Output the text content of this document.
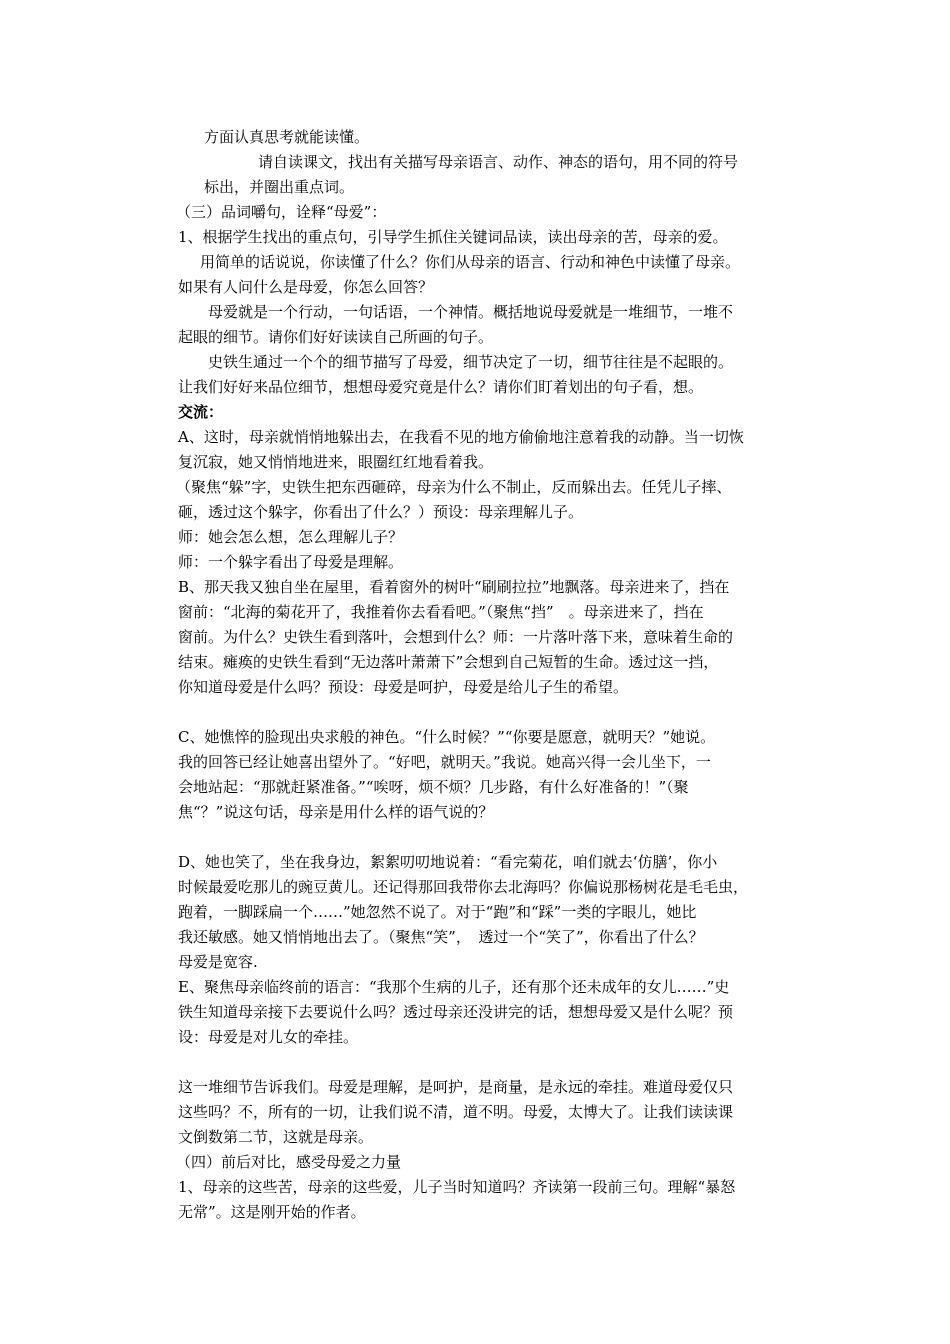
方面认真思考就能读懂。
请自读课文，找出有关描写母亲语言、动作、神态的语句，用不同的符号
标出，并圈出重点词。
（三）品词嚼句，诠释“母爱”：
1、根据学生找出的重点句，引导学生抓住关键词品读，读出母亲的苦，母亲的爱。
用简单的话说说，你读懂了什么？你们从母亲的语言、行动和神色中读懂了母亲。
如果有人问什么是母爱，你怎么回答？
母爱就是一个行动，一句话语，一个神情。概括地说母爱就是一堆细节，一堆不
起眼的细节。请你们好好读读自己所画的句子。
史铁生通过一个个的细节描写了母爱，细节决定了一切，细节往往是不起眼的。
让我们好好来品位细节，想想母爱究竟是什么？请你们盯着划出的句子看，想。
交流：
A、这时，母亲就悄悄地躲出去，在我看不见的地方偷偷地注意着我的动静。当一切恢
复沉寂，她又悄悄地进来，眼圈红红地看着我。
（聚焦“躲”字，史铁生把东西砸碎，母亲为什么不制止，反而躲出去。任凭儿子摔、
砸，透过这个躲字，你看出了什么？）预设：母亲理解儿子。
师：她会怎么想，怎么理解儿子？
师：一个躲字看出了母爱是理解。
B、那天我又独自坐在屋里，看着窗外的树叶“刷刷拉拉”地飘落。母亲进来了，挡在
窗前：“北海的菊花开了，我推着你去看看吧。”（聚焦“挡”　。母亲进来了，挡在
窗前。为什么？史铁生看到落叶，会想到什么？师：一片落叶落下来，意味着生命的
结束。瘫痪的史铁生看到“无边落叶萧萧下”会想到自己短暂的生命。透过这一挡，
你知道母爱是什么吗？预设：母爱是呵护，母爱是给儿子生的希望。
C、她憔悴的脸现出央求般的神色。“什么时候？”“你要是愿意，就明天？”她说。
我的回答已经让她喜出望外了。“好吧，就明天。”我说。她高兴得一会儿坐下，一
会地站起：“那就赶紧准备。”“唉呀，烦不烦？几步路，有什么好准备的！”（聚
焦“？”说这句话，母亲是用什么样的语气说的？
D、她也笑了，坐在我身边，絮絮叨叨地说着：“看完菊花，咱们就去‘仿膳’，你小
时候最爱吃那儿的豌豆黄儿。还记得那回我带你去北海吗？你偏说那杨树花是毛毛虫，
跑着，一脚踩扁一个……”她忽然不说了。对于“跑”和“踩”一类的字眼儿，她比
我还敏感。她又悄悄地出去了。（聚焦“笑”，　透过一个“笑了”，你看出了什么？
母爱是宽容.
E、聚焦母亲临终前的语言：“我那个生病的儿子，还有那个还未成年的女儿……”史
铁生知道母亲接下去要说什么吗？透过母亲还没讲完的话，想想母爱又是什么呢？预
设：母爱是对儿女的牵挂。
这一堆细节告诉我们。母爱是理解，是呵护，是商量，是永远的牵挂。难道母爱仅只
这些吗？不，所有的一切，让我们说不清，道不明。母爱，太博大了。让我们读读课
文倒数第二节，这就是母亲。
（四）前后对比，感受母爱之力量
1、母亲的这些苦，母亲的这些爱，儿子当时知道吗？齐读第一段前三句。理解“暴怒
无常”。这是刚开始的作者。
